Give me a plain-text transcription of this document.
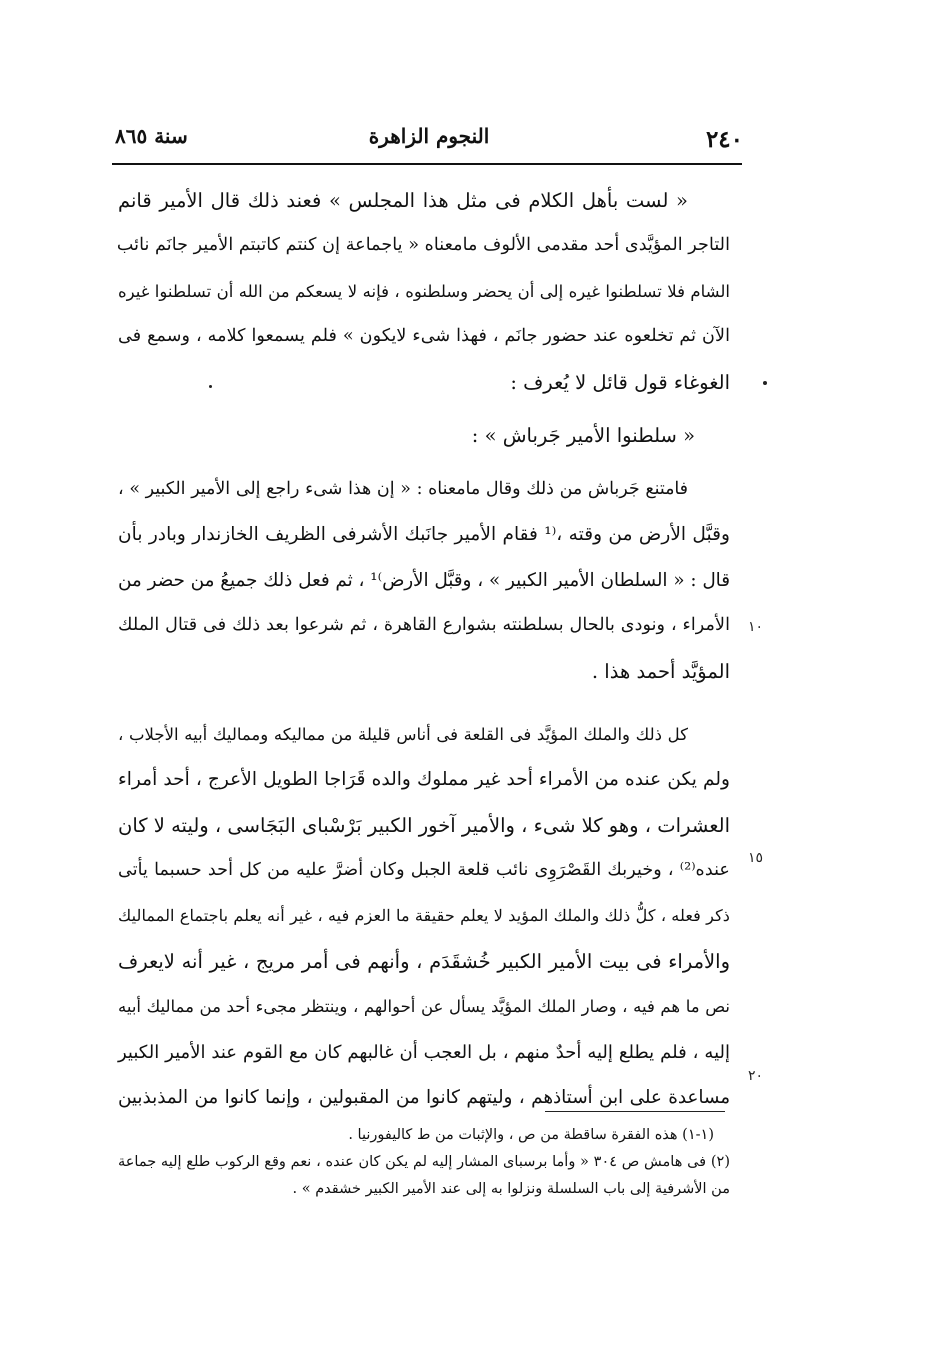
٢٤٠
النجوم الزاهرة
سنة ٨٦٥
« لست بأهل الكلام فى مثل هذا المجلس » فعند ذلك قال الأمير قانم
التاجر المؤيَّدى أحد مقدمى الألوف مامعناه « ياجماعة إن كنتم كاتبتم الأمير جانَم نائب
الشام فلا تسلطنوا غيره إلى أن يحضر وسلطنوه ، فإنه لا يسعكم من الله أن تسلطنوا غيره
الآن ثم تخلعوه عند حضور جانَم ، فهذا شىء لايكون » فلم يسمعوا كلامه ، وسمع فى
الغوغاء قول قائل لا يُعرف :
« سلطنوا الأمير جَرباش » :
فامتنع جَرباش من ذلك وقال مامعناه : « إن هذا شىء راجع إلى الأمير الكبير » ،
وقبَّل الأرض من وقته ،⁽¹ فقام الأمير جانَبك الأشرفى الظريف الخازندار وبادر بأن
قال : « السلطان الأمير الكبير » ، وقبَّل الأرض⁾¹ ، ثم فعل ذلك جميعُ من حضر من
الأمراء ، ونودى بالحال بسلطنته بشوارع القاهرة ، ثم شرعوا بعد ذلك فى قتال الملك
المؤيَّد أحمد هذا .
كل ذلك والملك المؤيَّد فى القلعة فى أناس قليلة من مماليكه ومماليك أبيه الأجلاب ،
ولم يكن عنده من الأمراء أحد غير مملوك والده قَرَاجا الطويل الأعرج ، أحد أمراء
العشرات ، وهو كلا شىء ، والأمير آخور الكبير بَرْسْباى البَجَاسى ، وليته لا كان
عنده⁽²⁾ ، وخيربك القَصْرَوِى نائب قلعة الجبل وكان أضرَّ عليه من كل أحد حسبما يأتى
ذكر فعله ، كلُّ ذلك والملك المؤيد لا يعلم حقيقة ما العزم فيه ، غير أنه يعلم باجتماع المماليك
والأمراء فى بيت الأمير الكبير خُشقَدَم ، وأنهم فى أمر مريج ، غير أنه لايعرف
نص ما هم فيه ، وصار الملك المؤيَّد يسأل عن أحوالهم ، وينتظر مجىء أحد من مماليك أبيه
إليه ، فلم يطلع إليه أحدٌ منهم ، بل العجب أن غالبهم كان مع القوم عند الأمير الكبير
مساعدة على ابن أستاذهم ، وليتهم كانوا من المقبولين ، وإنما كانوا من المذبذبين
١٠
١٥
٢٠
(١-١) هذه الفقرة ساقطة من ص ، والإثبات من ط كاليفورنيا .
(٢) فى هامش ص ٣٠٤ « وأما برسباى المشار إليه لم يكن كان عنده ، نعم وقع الركوب طلع إليه جماعة
من الأشرفية إلى باب السلسلة ونزلوا به إلى عند الأمير الكبير خشقدم » .
